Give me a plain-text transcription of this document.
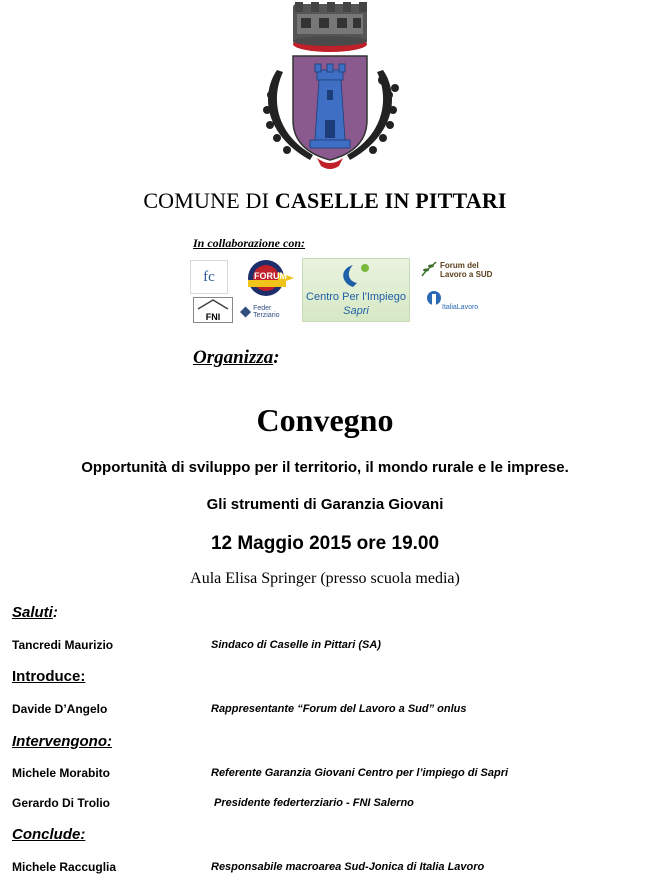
COMUNE DI CASELLE IN PITTARI
In collaborazione con:
fc
FNI
FORUM
Feder Terziario
Centro Per l'Impiego
Sapri
Forum del Lavoro a SUD
ItaliaLavoro
Organizza:
Convegno
Opportunità di sviluppo per il territorio, il mondo rurale e le imprese.
Gli strumenti di Garanzia Giovani
12 Maggio 2015 ore 19.00
Aula Elisa Springer (presso scuola media)
Saluti:
Tancredi Maurizio	Sindaco di Caselle in Pittari (SA)
Introduce:
Davide D’Angelo	Rappresentante “Forum del Lavoro a Sud” onlus
Intervengono:
Michele Morabito	Referente Garanzia Giovani Centro per l’impiego di Sapri
Gerardo Di Trolio	Presidente federterziario - FNI Salerno
Conclude:
Michele Raccuglia	Responsabile macroarea Sud-Jonica di Italia Lavoro
